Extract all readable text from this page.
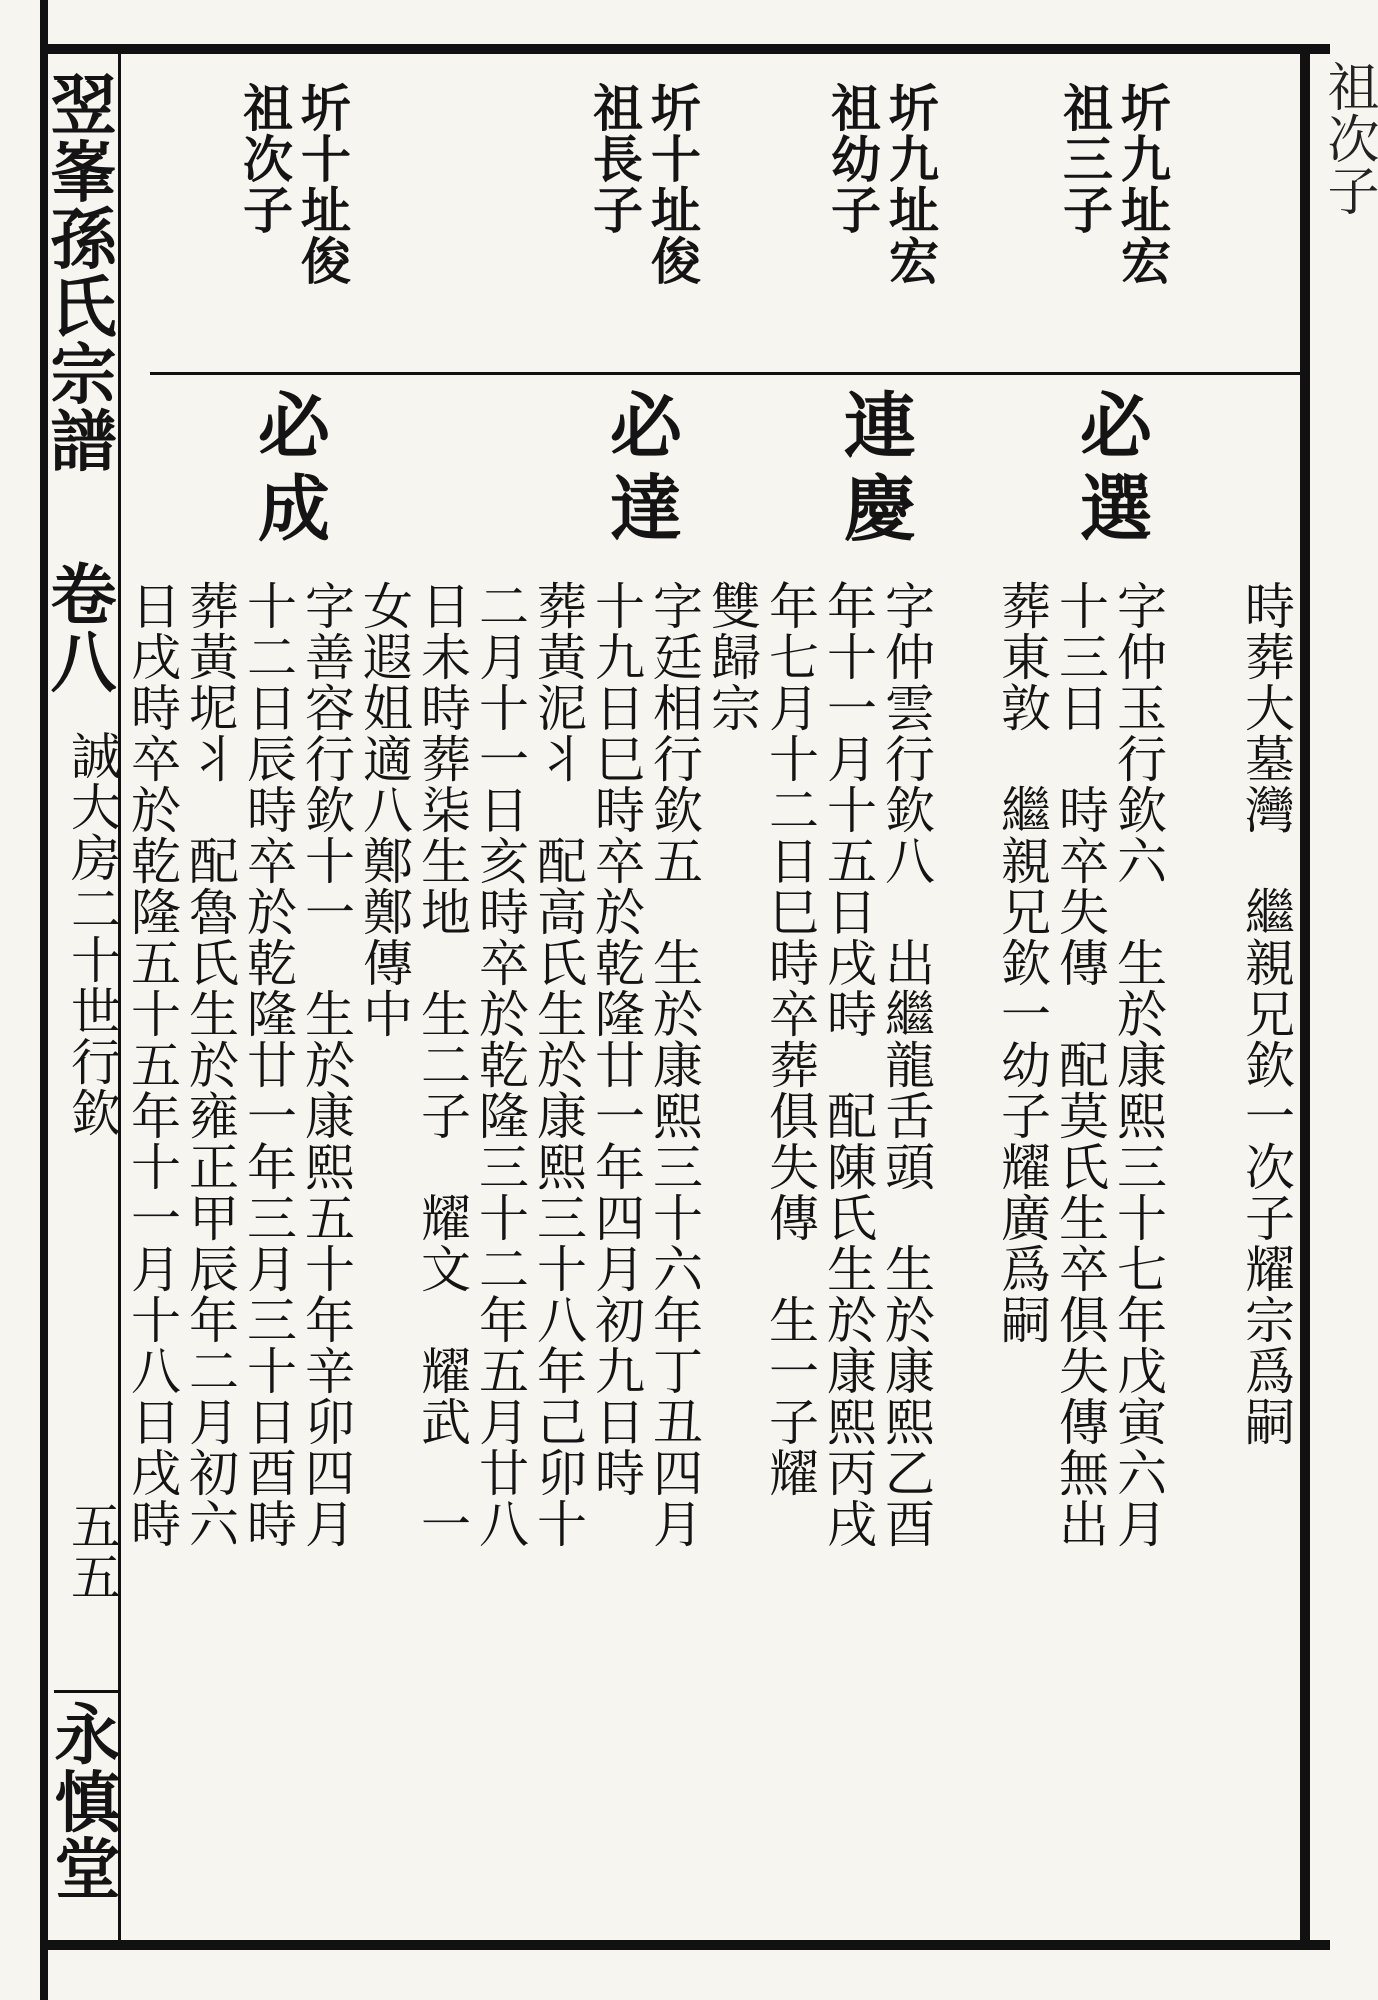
祖次子
翌峯孫氏宗譜
卷八
誠大房二十世行欽
五五
永慎堂
圻九址宏
祖三子
圻九址宏
祖幼子
圻十址俊
祖長子
圻十址俊
祖次子
時葬大墓灣　繼親兄欽一次子耀宗爲嗣
必選
字仲玉行欽六　生於康熙三十七年戊寅六月
十三日　時卒失傳　配莫氏生卒俱失傳無出
葬東敦　繼親兄欽一幼子耀廣爲嗣
連慶
字仲雲行欽八　出繼龍舌頭　生於康熙乙酉
年十一月十五日戌時　配陳氏生於康熙丙戌
年七月十二日巳時卒葬俱失傳　生一子耀
雙歸宗
必達
字廷相行欽五　生於康熙三十六年丁丑四月
十九日巳時卒於乾隆廿一年四月初九日時
葬黃泥丬　配高氏生於康熙三十八年己卯十
二月十一日亥時卒於乾隆三十二年五月廿八
日未時葬柒生地　生二子　耀文　耀武　一
必成
女遐姐適八鄭鄭傳中
字善容行欽十一　生於康熙五十年辛卯四月
十二日辰時卒於乾隆廿一年三月三十日酉時
葬黃坭丬　配魯氏生於雍正甲辰年二月初六
日戌時卒於乾隆五十五年十一月十八日戌時
